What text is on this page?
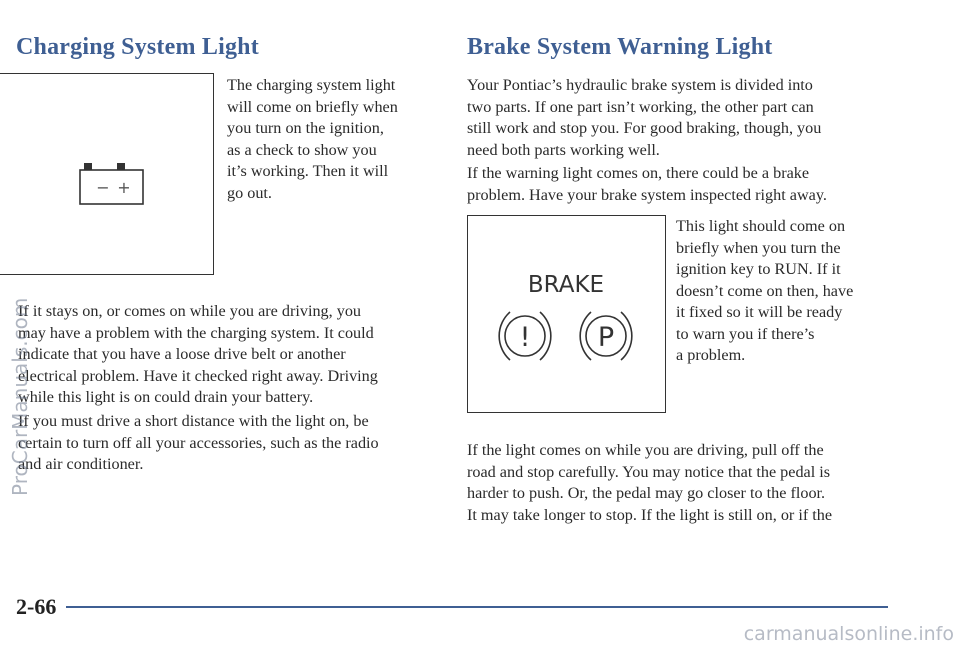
Charging System Light
− +

The charging system light
will come on briefly when
you turn on the ignition,
as a check to show you
it’s working. Then it will
go out.

If it stays on, or comes on while you are driving, you
may have a problem with the charging system. It could
indicate that you have a loose drive belt or another
electrical problem. Have it checked right away. Driving
while this light is on could drain your battery.

If you must drive a short distance with the light on, be
certain to turn off all your accessories, such as the radio
and air conditioner.

Brake System Warning Light

Your Pontiac’s hydraulic brake system is divided into
two parts. If one part isn’t working, the other part can
still work and stop you. For good braking, though, you
need both parts working well.

If the warning light comes on, there could be a brake
problem. Have your brake system inspected right away.

BRAKE
! P

This light should come on
briefly when you turn the
ignition key to RUN. If it
doesn’t come on then, have
it fixed so it will be ready
to warn you if there’s
a problem.

If the light comes on while you are driving, pull off the
road and stop carefully. You may notice that the pedal is
harder to push. Or, the pedal may go closer to the floor.
It may take longer to stop. If the light is still on, or if the

2-66
ProCarManuals.com
carmanualsonline.info
